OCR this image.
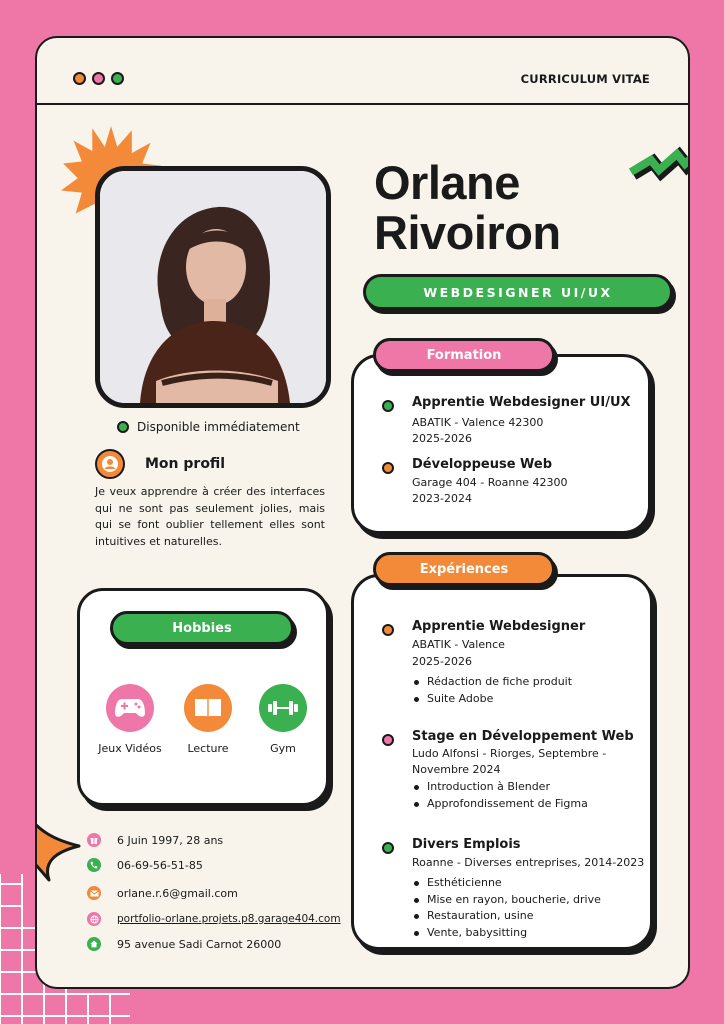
CURRICULUM VITAE
Disponible immédiatement
Mon profil

Je veux apprendre à créer des interfaces qui ne sont pas seulement jolies, mais qui se font oublier tellement elles sont intuitives et naturelles.

Hobbies
Jeux Vidéos	Lecture	Gym
6 Juin 1997, 28 ans
06-69-56-51-85
orlane.r.6@gmail.com
portfolio-orlane.projets.p8.garage404.com
95 avenue Sadi Carnot 26000
Orlane
Rivoiron
WEBDESIGNER UI/UX
Apprentie Webdesigner UI/UX
ABATIK - Valence 42300
2025-2026
Développeuse Web
Garage 404 - Roanne 42300
2023-2024
Formation
Apprentie Webdesigner
ABATIK - Valence
2025-2026
Rédaction de fiche produit
Suite Adobe
Stage en Développement Web
Ludo Alfonsi - Riorges, Septembre -
Novembre 2024
Introduction à Blender
Approfondissement de Figma
Divers Emplois
Roanne - Diverses entreprises, 2014-2023
Esthéticienne
Mise en rayon, boucherie, drive
Restauration, usine
Vente, babysitting
Expériences
